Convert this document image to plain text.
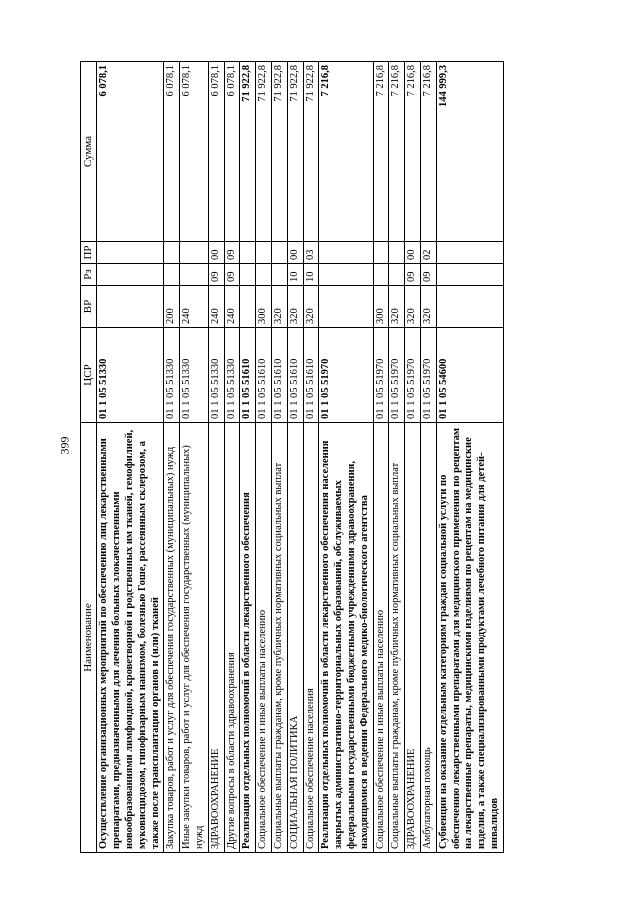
399
Наименование	ЦСР	ВР	Рз	ПР	Сумма
Осуществление организационных мероприятий по обеспечению лиц лекарственными препаратами, предназначенными для лечения больных злокачественными новообразованиями лимфоидной, кроветворной и родственных им тканей, гемофилией, муковисцидозом, гипофизарным нанизмом, болезнью Гоше, рассеянным склерозом, а также после трансплантации органов и (или) тканей	01 1 05 51330				6 078,1
Закупка товаров, работ и услуг для обеспечения государственных (муниципальных) нужд	01 1 05 51330	200			6 078,1
Иные закупки товаров, работ и услуг для обеспечения государственных (муниципальных) нужд	01 1 05 51330	240			6 078,1
ЗДРАВООХРАНЕНИЕ	01 1 05 51330	240	09	00	6 078,1
Другие вопросы в области здравоохранения	01 1 05 51330	240	09	09	6 078,1
Реализация отдельных полномочий в области лекарственного обеспечения	01 1 05 51610				71 922,8
Социальное обеспечение и иные выплаты населению	01 1 05 51610	300			71 922,8
Социальные выплаты гражданам, кроме публичных нормативных социальных выплат	01 1 05 51610	320			71 922,8
СОЦИАЛЬНАЯ ПОЛИТИКА	01 1 05 51610	320	10	00	71 922,8
Социальное обеспечение населения	01 1 05 51610	320	10	03	71 922,8
Реализация отдельных полномочий в области лекарственного обеспечения населения закрытых административно-территориальных образований, обслуживаемых федеральными государственными бюджетными учреждениями здравоохранения, находящимися в ведении Федерального медико-биологического агентства	01 1 05 51970				7 216,8
Социальное обеспечение и иные выплаты населению	01 1 05 51970	300			7 216,8
Социальные выплаты гражданам, кроме публичных нормативных социальных выплат	01 1 05 51970	320			7 216,8
ЗДРАВООХРАНЕНИЕ	01 1 05 51970	320	09	00	7 216,8
Амбулаторная помощь	01 1 05 51970	320	09	02	7 216,8
Субвенции на оказание отдельным категориям граждан социальной услуги по обеспечению лекарственными препаратами для медицинского применения по рецептам на лекарственные препараты, медицинскими изделиями по рецептам на медицинские изделия, а также специализированными продуктами лечебного питания для детей-инвалидов	01 1 05 54600				144 999,3
